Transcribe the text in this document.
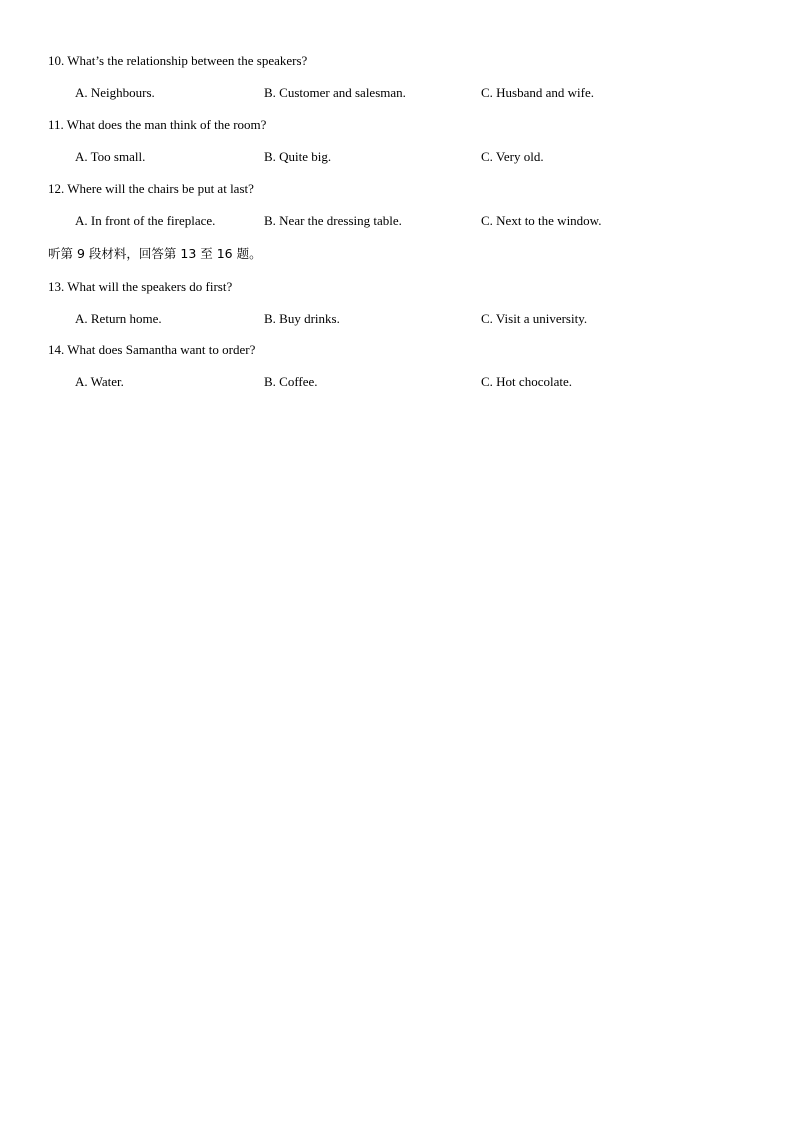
10. What’s the relationship between the speakers?
A. Neighbours.	B. Customer and salesman.	C. Husband and wife.
11. What does the man think of the room?
A. Too small.	B. Quite big.	C. Very old.
12. Where will the chairs be put at last?
A. In front of the fireplace.	B. Near the dressing table.	C. Next to the window.
听第 9 段材料，回答第 13 至 16 题。
13. What will the speakers do first?
A. Return home.	B. Buy drinks.	C. Visit a university.
14. What does Samantha want to order?
A. Water.	B. Coffee.	C. Hot chocolate.
